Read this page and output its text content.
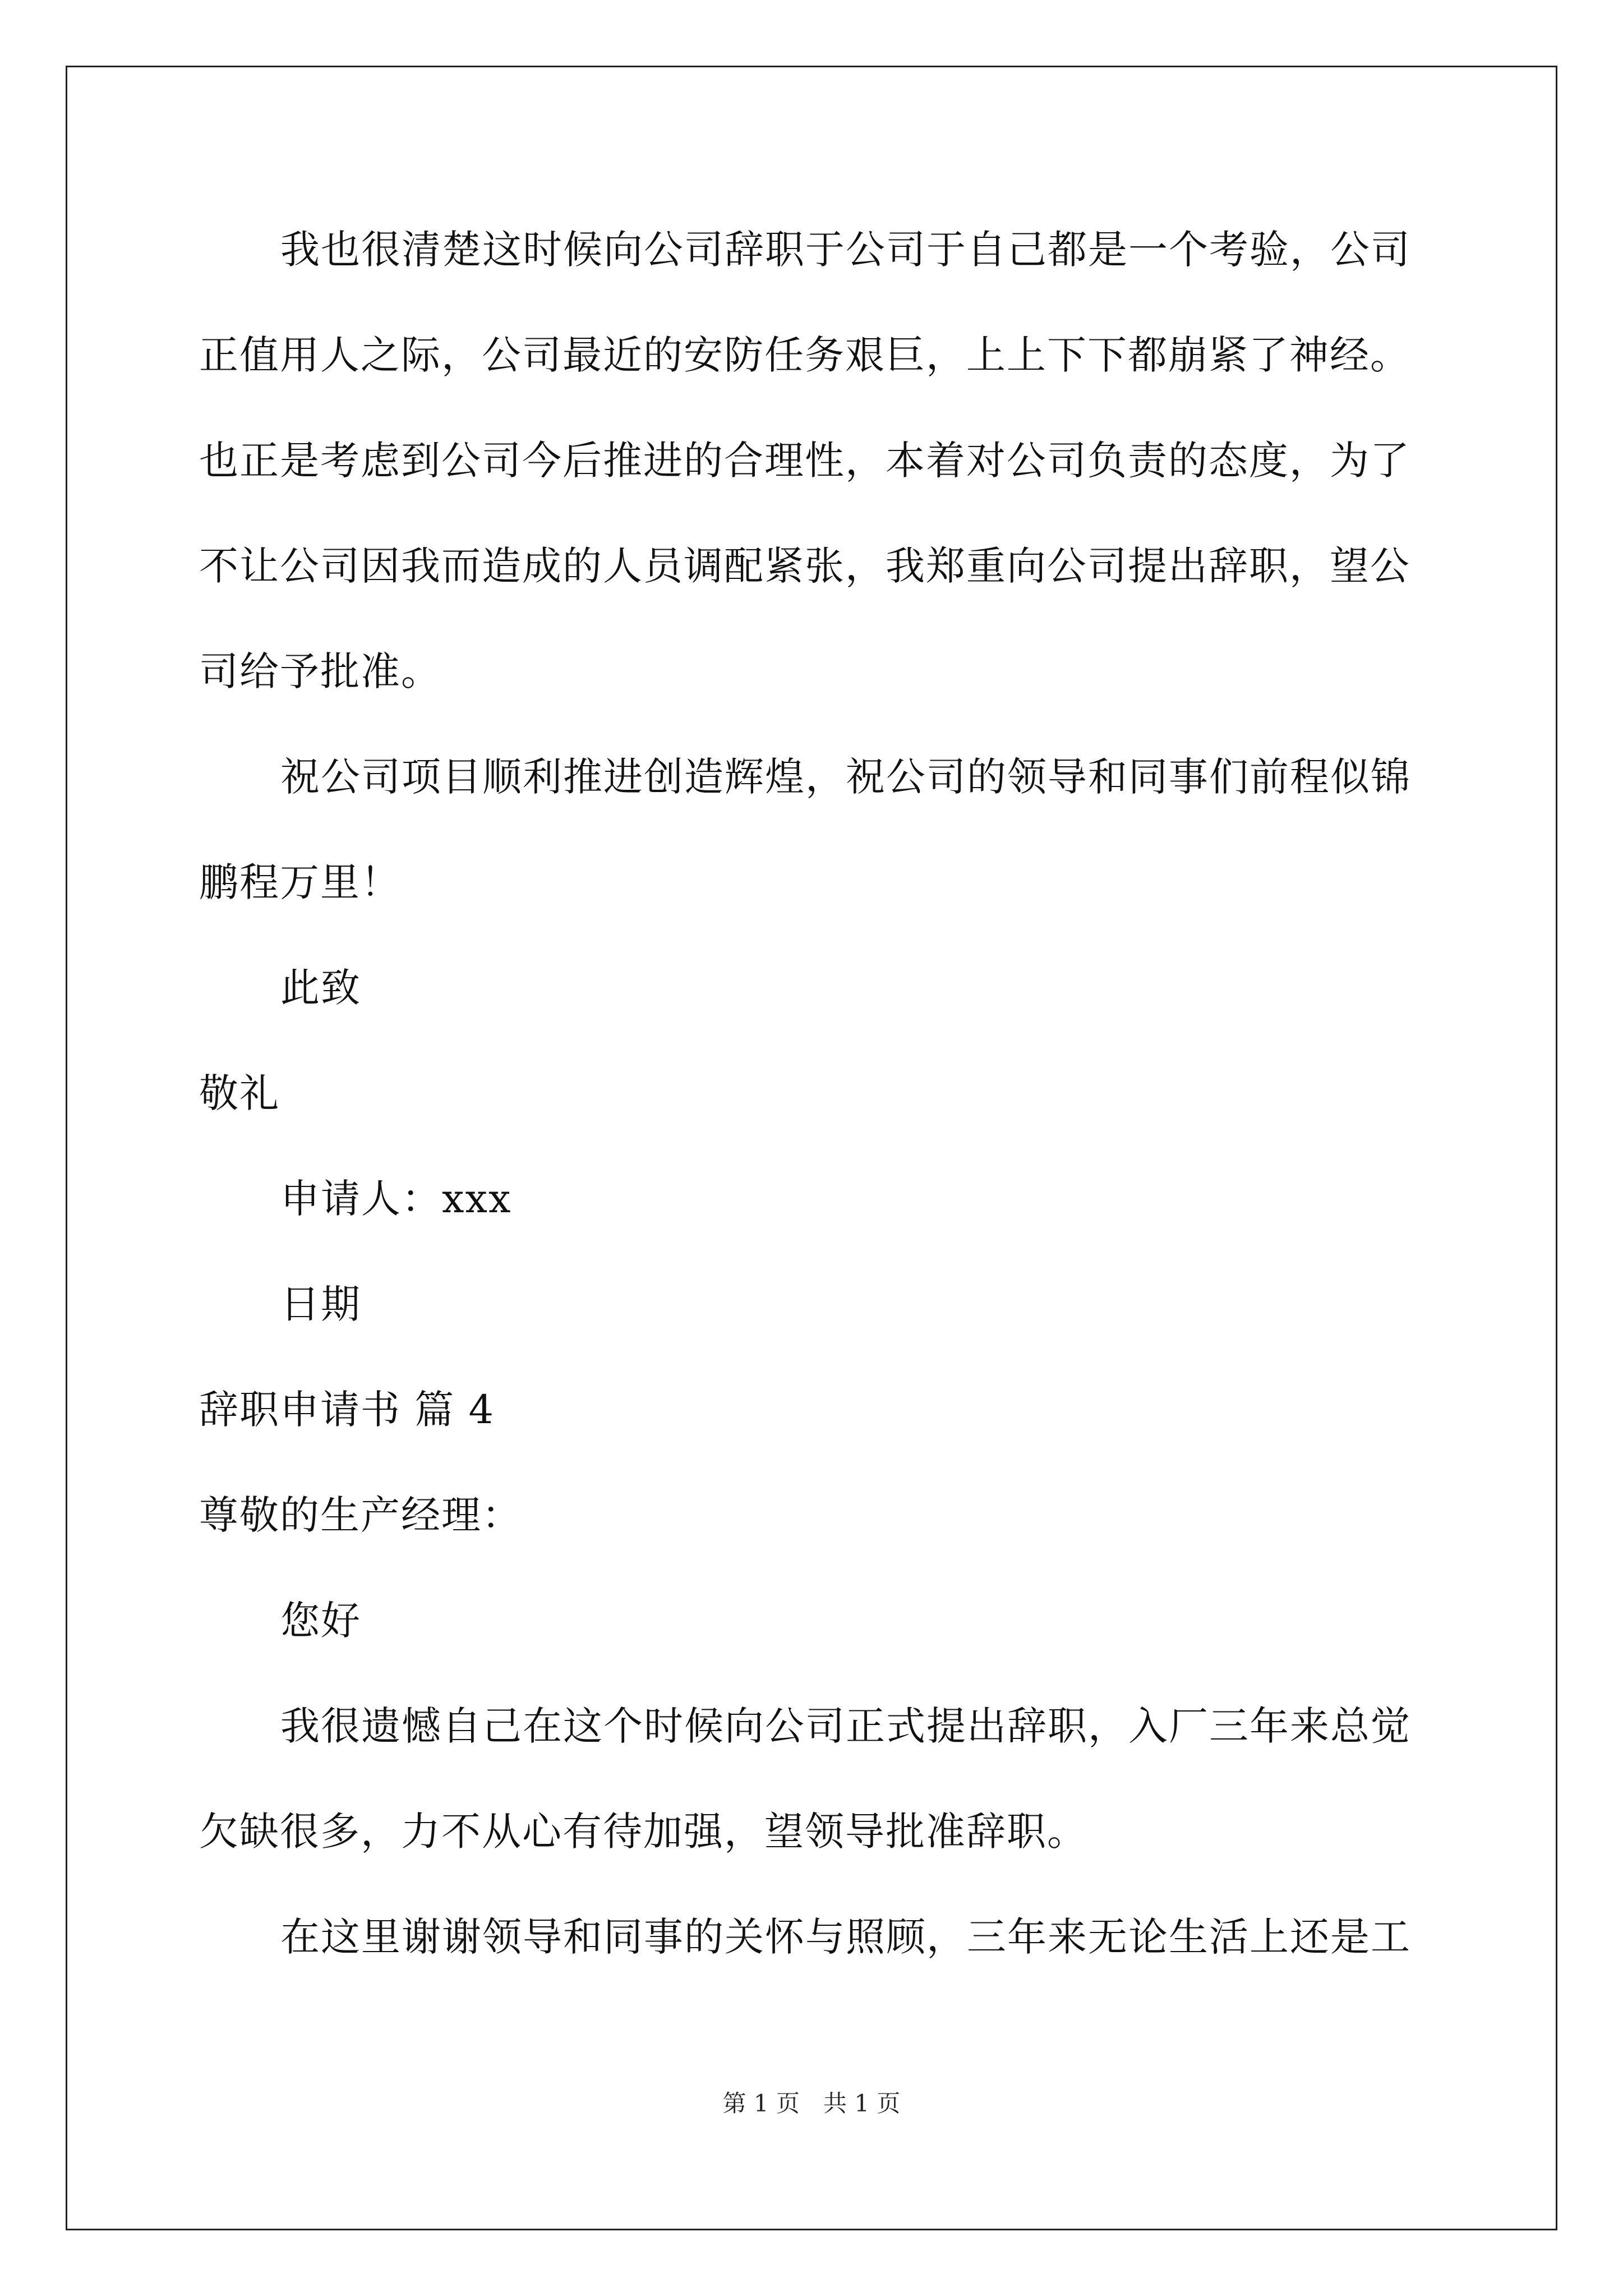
我也很清楚这时候向公司辞职于公司于自己都是一个考验，公司
正值用人之际，公司最近的安防任务艰巨，上上下下都崩紧了神经。
也正是考虑到公司今后推进的合理性，本着对公司负责的态度，为了
不让公司因我而造成的人员调配紧张，我郑重向公司提出辞职，望公
司给予批准。
祝公司项目顺利推进创造辉煌，祝公司的领导和同事们前程似锦
鹏程万里！
此致
敬礼
申请人：xxx
日期
辞职申请书 篇 4
尊敬的生产经理：
您好
我很遗憾自己在这个时候向公司正式提出辞职，入厂三年来总觉
欠缺很多，力不从心有待加强，望领导批准辞职。
在这里谢谢领导和同事的关怀与照顾，三年来无论生活上还是工
第 1 页　共 1 页
